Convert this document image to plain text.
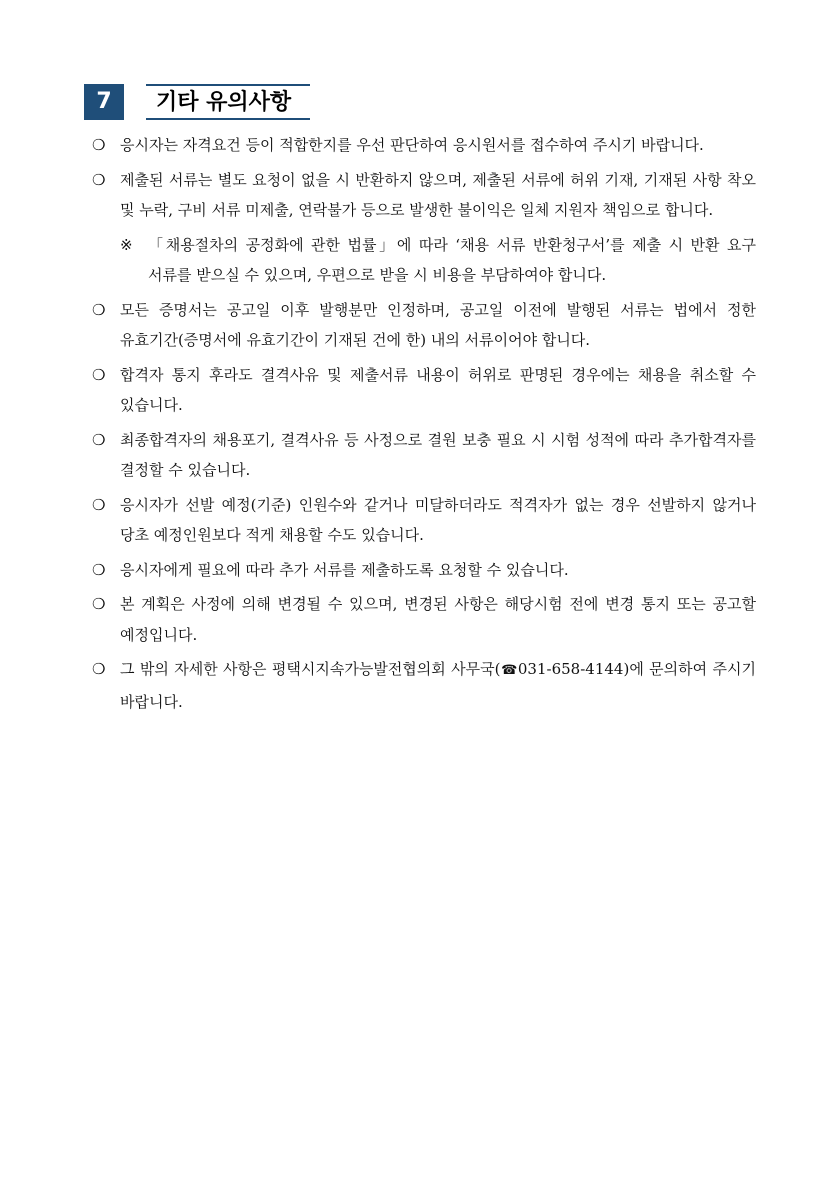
7	기타 유의사항
❍ 응시자는 자격요건 등이 적합한지를 우선 판단하여 응시원서를 접수하여 주시기 바랍니다.
❍ 제출된 서류는 별도 요청이 없을 시 반환하지 않으며, 제출된 서류에 허위 기재, 기재된 사항 착오 및 누락, 구비 서류 미제출, 연락불가 등으로 발생한 불이익은 일체 지원자 책임으로 합니다.
※ 「채용절차의 공정화에 관한 법률」에 따라 ‘채용 서류 반환청구서’를 제출 시 반환 요구 서류를 받으실 수 있으며, 우편으로 받을 시 비용을 부담하여야 합니다.
❍ 모든 증명서는 공고일 이후 발행분만 인정하며, 공고일 이전에 발행된 서류는 법에서 정한 유효기간(증명서에 유효기간이 기재된 건에 한) 내의 서류이어야 합니다.
❍ 합격자 통지 후라도 결격사유 및 제출서류 내용이 허위로 판명된 경우에는 채용을 취소할 수 있습니다.
❍ 최종합격자의 채용포기, 결격사유 등 사정으로 결원 보충 필요 시 시험 성적에 따라 추가합격자를 결정할 수 있습니다.
❍ 응시자가 선발 예정(기준) 인원수와 같거나 미달하더라도 적격자가 없는 경우 선발하지 않거나 당초 예정인원보다 적게 채용할 수도 있습니다.
❍ 응시자에게 필요에 따라 추가 서류를 제출하도록 요청할 수 있습니다.
❍ 본 계획은 사정에 의해 변경될 수 있으며, 변경된 사항은 해당시험 전에 변경 통지 또는 공고할 예정입니다.
❍ 그 밖의 자세한 사항은 평택시지속가능발전협의회 사무국(☎031-658-4144)에 문의하여 주시기 바랍니다.
